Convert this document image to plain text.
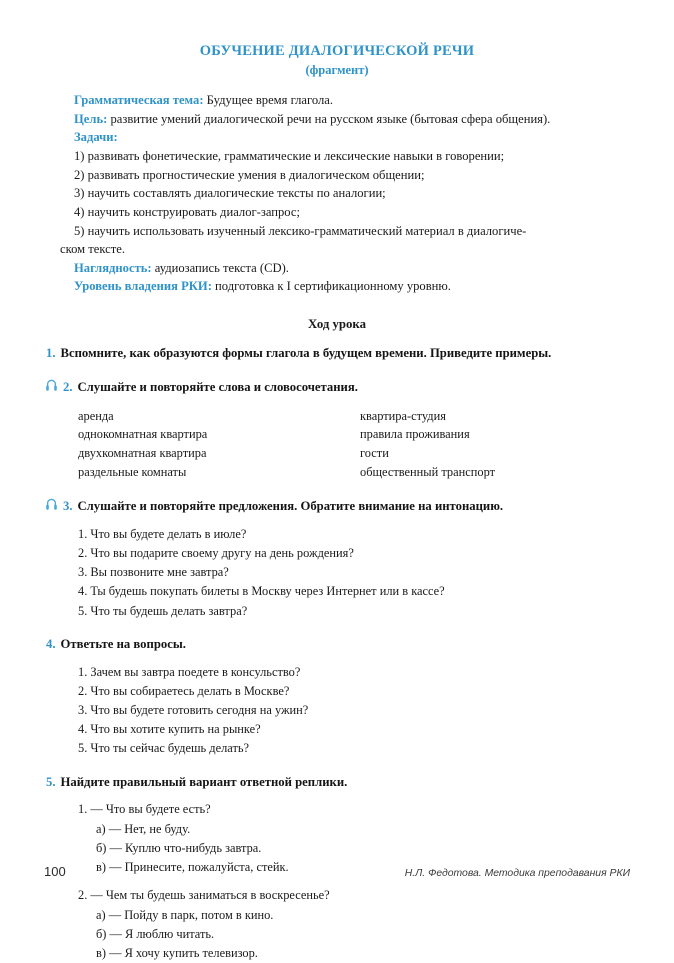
ОБУЧЕНИЕ ДИАЛОГИЧЕСКОЙ РЕЧИ
(фрагмент)
Грамматическая тема: Будущее время глагола.
Цель: развитие умений диалогической речи на русском языке (бытовая сфера общения).
Задачи:
1) развивать фонетические, грамматические и лексические навыки в говорении;
2) развивать прогностические умения в диалогическом общении;
3) научить составлять диалогические тексты по аналогии;
4) научить конструировать диалог-запрос;
5) научить использовать изученный лексико-грамматический материал в диалогиче-
ском тексте.
Наглядность: аудиозапись текста (CD).
Уровень владения РКИ: подготовка к I сертификационному уровню.
Ход урока
1. Вспомните, как образуются формы глагола в будущем времени. Приведите примеры.
2. Слушайте и повторяйте слова и словосочетания.
аренда
однокомнатная квартира
двухкомнатная квартира
раздельные комнаты
квартира-студия
правила проживания
гости
общественный транспорт
3. Слушайте и повторяйте предложения. Обратите внимание на интонацию.
1. Что вы будете делать в июле?
2. Что вы подарите своему другу на день рождения?
3. Вы позвоните мне завтра?
4. Ты будешь покупать билеты в Москву через Интернет или в кассе?
5. Что ты будешь делать завтра?
4. Ответьте на вопросы.
1. Зачем вы завтра поедете в консульство?
2. Что вы собираетесь делать в Москве?
3. Что вы будете готовить сегодня на ужин?
4. Что вы хотите купить на рынке?
5. Что ты сейчас будешь делать?
5. Найдите правильный вариант ответной реплики.
1. — Что вы будете есть?
а) — Нет, не буду.
б) — Куплю что-нибудь завтра.
в) — Принесите, пожалуйста, стейк.
2. — Чем ты будешь заниматься в воскресенье?
а) — Пойду в парк, потом в кино.
б) — Я люблю читать.
в) — Я хочу купить телевизор.
100	Н.Л. Федотова. Методика преподавания РКИ
